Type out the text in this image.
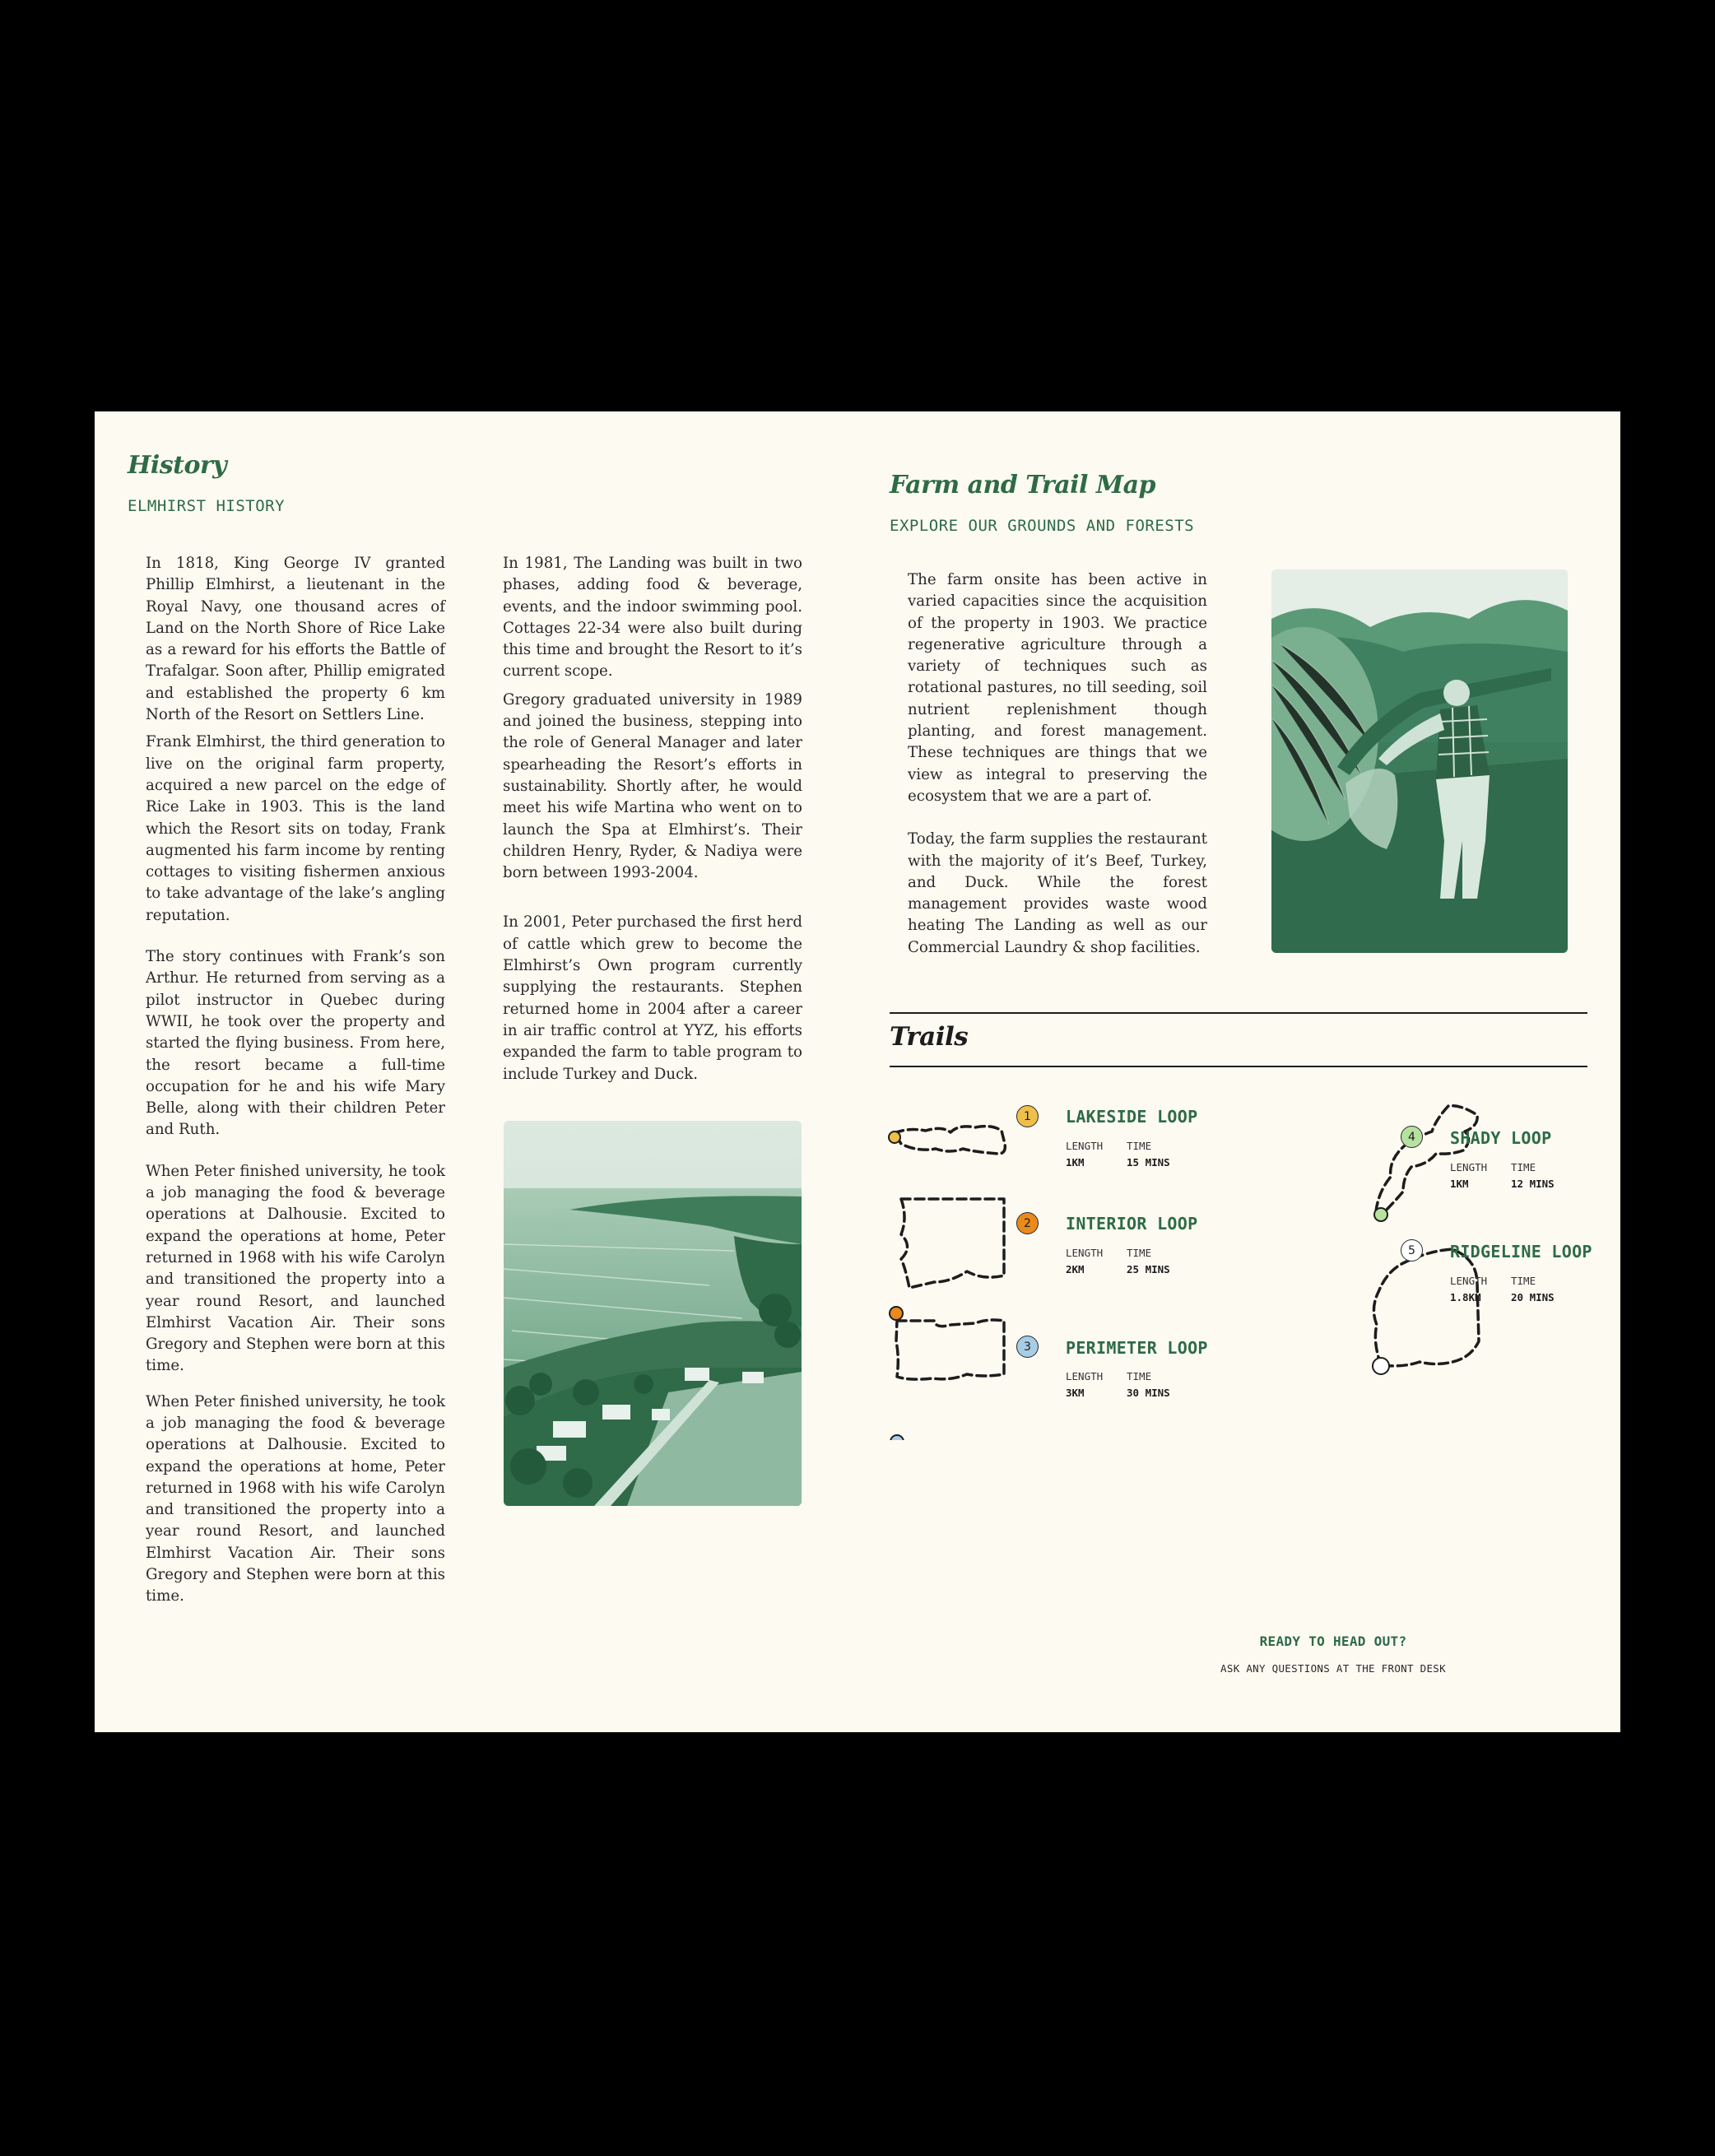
History
ELMHIRST HISTORY

In 1818, King George IV granted Phillip Elmhirst, a lieutenant in the Royal Navy, one thousand acres of Land on the North Shore of Rice Lake as a reward for his efforts the Battle of Trafalgar. Soon after, Phillip emigrated and established the property 6 km North of the Resort on Settlers Line.

Frank Elmhirst, the third generation to live on the original farm property, acquired a new parcel on the edge of Rice Lake in 1903. This is the land which the Resort sits on today, Frank augmented his farm income by renting cottages to visiting fishermen anxious to take advantage of the lake’s angling reputation.

The story continues with Frank’s son Arthur. He returned from serving as a pilot instructor in Quebec during WWII, he took over the property and started the flying business. From here, the resort became a full-time occupation for he and his wife Mary Belle, along with their children Peter and Ruth.

When Peter finished university, he took a job managing the food & beverage operations at Dalhousie. Excited to expand the operations at home, Peter returned in 1968 with his wife Carolyn and transitioned the property into a year round Resort, and launched Elmhirst Vacation Air. Their sons Gregory and Stephen were born at this time.

When Peter finished university, he took a job managing the food & beverage operations at Dalhousie. Excited to expand the operations at home, Peter returned in 1968 with his wife Carolyn and transitioned the property into a year round Resort, and launched Elmhirst Vacation Air. Their sons Gregory and Stephen were born at this time.

In 1981, The Landing was built in two phases, adding food & beverage, events, and the indoor swimming pool. Cottages 22-34 were also built during this time and brought the Resort to it’s current scope.

Gregory graduated university in 1989 and joined the business, stepping into the role of General Manager and later spearheading the Resort’s efforts in sustainability. Shortly after, he would meet his wife Martina who went on to launch the Spa at Elmhirst’s. Their children Henry, Ryder, & Nadiya were born between 1993-2004.

In 2001, Peter purchased the first herd of cattle which grew to become the Elmhirst’s Own program currently supplying the restaurants. Stephen returned home in 2004 after a career in air traffic control at YYZ, his efforts expanded the farm to table program to include Turkey and Duck.

Farm and Trail Map
EXPLORE OUR GROUNDS AND FORESTS

The farm onsite has been active in varied capacities since the acquisition of the property in 1903. We practice regenerative agriculture through a variety of techniques such as rotational pastures, no till seeding, soil nutrient replenishment though planting, and forest management. These techniques are things that we view as integral to preserving the ecosystem that we are a part of.

Today, the farm supplies the restaurant with the majority of it’s Beef, Turkey, and Duck. While the forest management provides waste wood heating The Landing as well as our Commercial Laundry & shop facilities.

Trails
1	LAKESIDE LOOP
LENGTH TIME
1KM	15 MINS
2	INTERIOR LOOP
LENGTH TIME
2KM	25 MINS
3	PERIMETER LOOP
LENGTH TIME
3KM	30 MINS
4	SHADY LOOP
LENGTH TIME
1KM	12 MINS
5	RIDGELINE LOOP
LENGTH TIME
1.8KM	20 MINS
READY TO HEAD OUT?
ASK ANY QUESTIONS AT THE FRONT DESK
